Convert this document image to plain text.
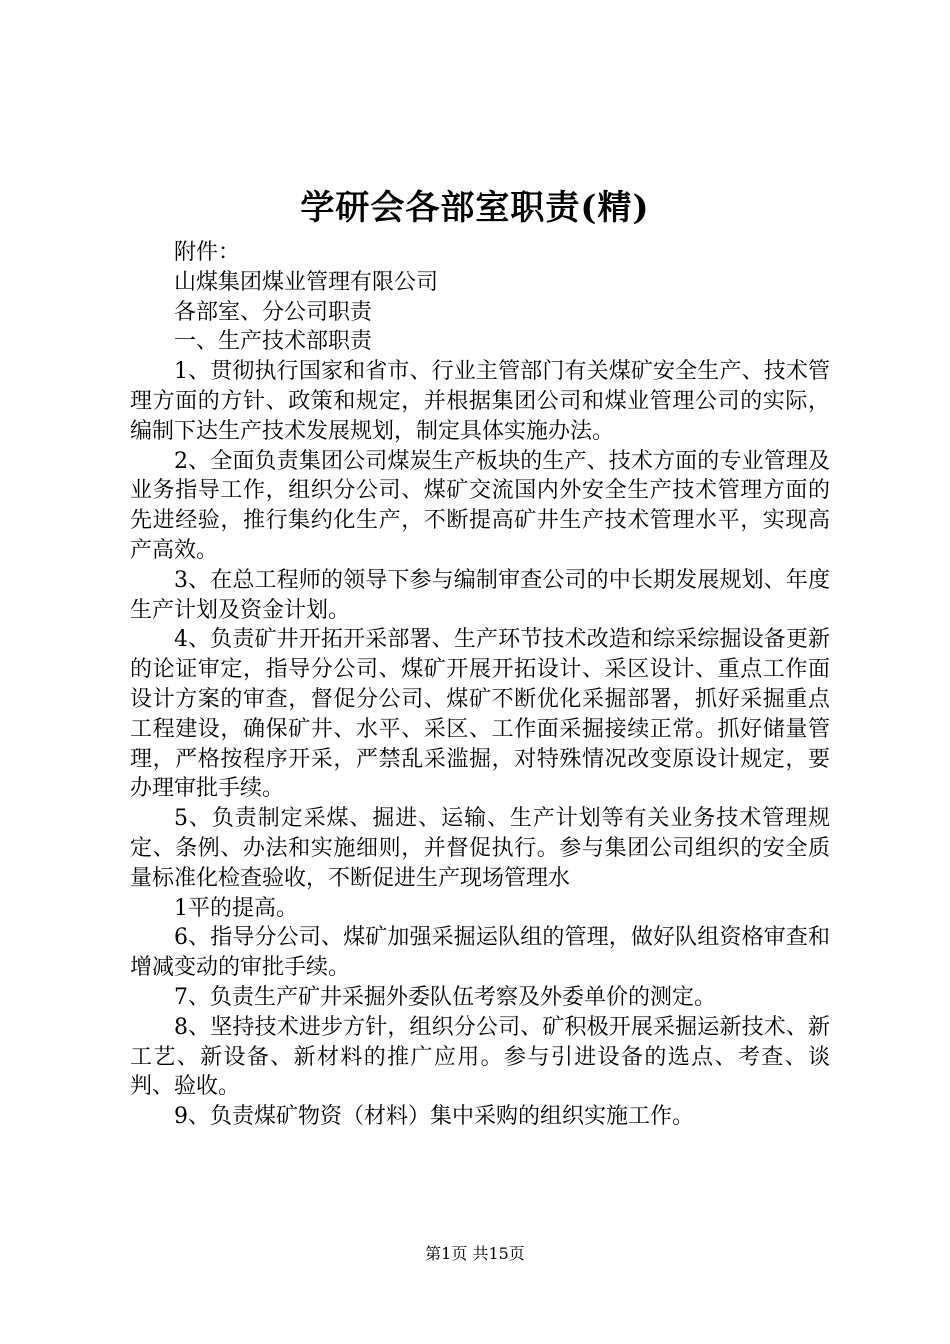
学研会各部室职责(精)

附件：

山煤集团煤业管理有限公司

各部室、分公司职责

一、生产技术部职责

1、贯彻执行国家和省市、行业主管部门有关煤矿安全生产、技术管理方面的方针、政策和规定，并根据集团公司和煤业管理公司的实际，编制下达生产技术发展规划，制定具体实施办法。

2、全面负责集团公司煤炭生产板块的生产、技术方面的专业管理及业务指导工作，组织分公司、煤矿交流国内外安全生产技术管理方面的先进经验，推行集约化生产，不断提高矿井生产技术管理水平，实现高产高效。

3、在总工程师的领导下参与编制审查公司的中长期发展规划、年度生产计划及资金计划。

4、负责矿井开拓开采部署、生产环节技术改造和综采综掘设备更新的论证审定，指导分公司、煤矿开展开拓设计、采区设计、重点工作面设计方案的审查，督促分公司、煤矿不断优化采掘部署，抓好采掘重点工程建设，确保矿井、水平、采区、工作面采掘接续正常。抓好储量管理，严格按程序开采，严禁乱采滥掘，对特殊情况改变原设计规定，要办理审批手续。

5、负责制定采煤、掘进、运输、生产计划等有关业务技术管理规定、条例、办法和实施细则，并督促执行。参与集团公司组织的安全质量标准化检查验收，不断促进生产现场管理水

1平的提高。

6、指导分公司、煤矿加强采掘运队组的管理，做好队组资格审查和增减变动的审批手续。

7、负责生产矿井采掘外委队伍考察及外委单价的测定。

8、坚持技术进步方针，组织分公司、矿积极开展采掘运新技术、新工艺、新设备、新材料的推广应用。参与引进设备的选点、考查、谈判、验收。

9、负责煤矿物资（材料）集中采购的组织实施工作。

第1页 共15页
